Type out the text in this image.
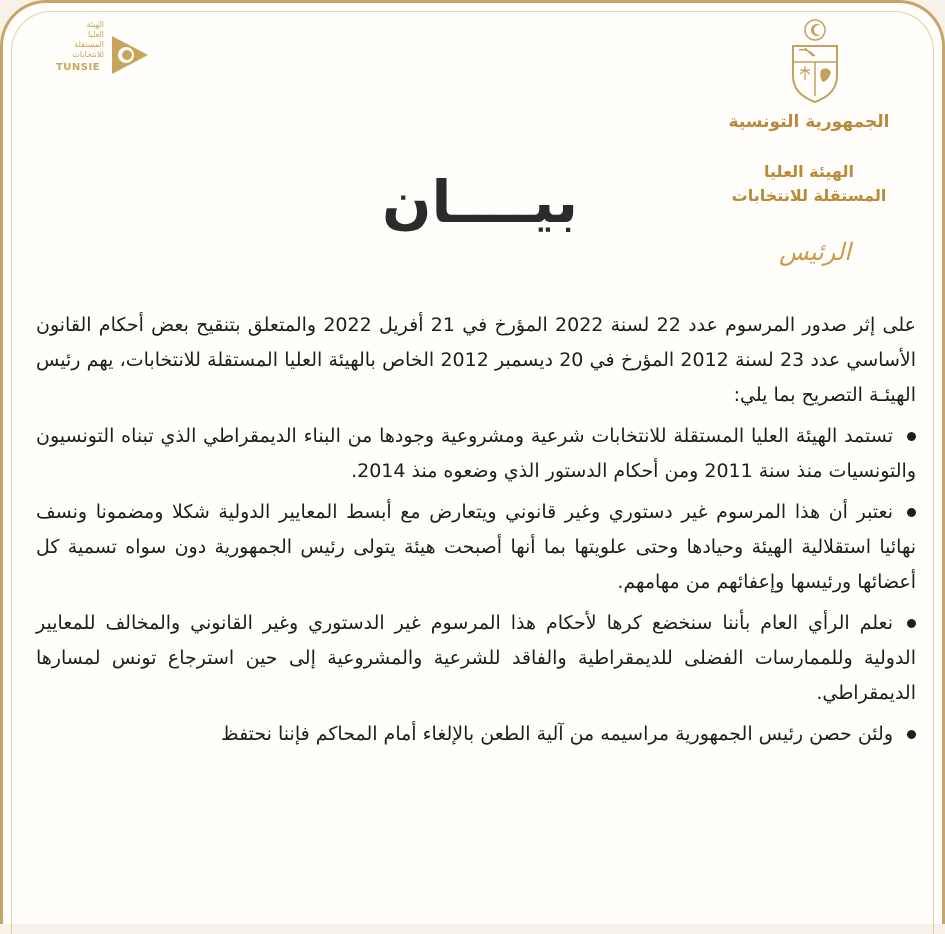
الهيئة
العليا
المستقلة
للانتخابات
TUNSIE
الجمهورية التونسية
الهيئة العليا
المستقلة للانتخابات
الرئيس
بيــــان

على إثر صدور المرسوم عدد 22 لسنة 2022 المؤرخ في 21 أفريل 2022 والمتعلق بتنقيح بعض أحكام القانون الأساسي عدد 23 لسنة 2012 المؤرخ في 20 ديسمبر 2012 الخاص بالهيئة العليا المستقلة للانتخابات، يهم رئيس الهيئـة التصريح بما يلي:

تستمد الهيئة العليا المستقلة للانتخابات شرعية ومشروعية وجودها من البناء الديمقراطي الذي تبناه التونسيون والتونسيات منذ سنة 2011 ومن أحكام الدستور الذي وضعوه منذ 2014.

نعتبر أن هذا المرسوم غير دستوري وغير قانوني ويتعارض مع أبسط المعايير الدولية شكلا ومضمونا ونسف نهائيا استقلالية الهيئة وحيادها وحتى علويتها بما أنها أصبحت هيئة يتولى رئيس الجمهورية دون سواه تسمية كل أعضائها ورئيسها وإعفائهم من مهامهم.

نعلم الرأي العام بأننا سنخضع كرها لأحكام هذا المرسوم غير الدستوري وغير القانوني والمخالف للمعايير الدولية وللممارسات الفضلى للديمقراطية والفاقد للشرعية والمشروعية إلى حين استرجاع تونس لمسارها الديمقراطي.

ولئن حصن رئيس الجمهورية مراسيمه من آلية الطعن بالإلغاء أمام المحاكم فإننا نحتفظ
